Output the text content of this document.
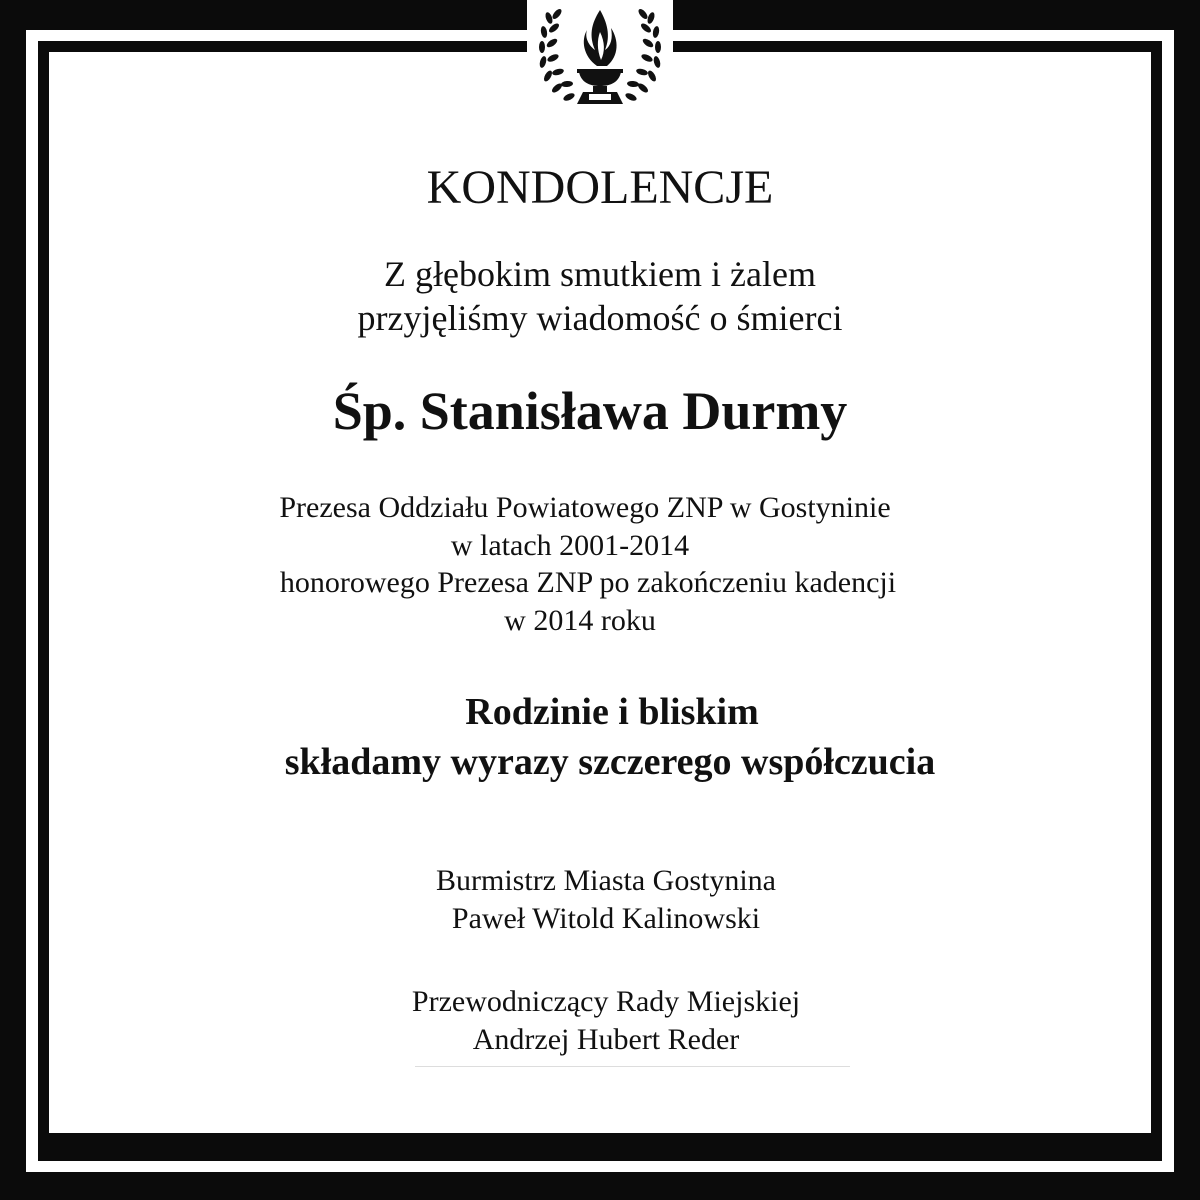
KONDOLENCJE

Z głębokim smutkiem i żalem
przyjęliśmy wiadomość o śmierci

Śp. Stanisława Durmy

Prezesa Oddziału Powiatowego ZNP w Gostyninie
w latach 2001-2014
honorowego Prezesa ZNP po zakończeniu kadencji
w 2014 roku
Rodzinie i bliskim
składamy wyrazy szczerego współczucia
Burmistrz Miasta Gostynina
Paweł Witold Kalinowski
Przewodniczący Rady Miejskiej
Andrzej Hubert Reder
